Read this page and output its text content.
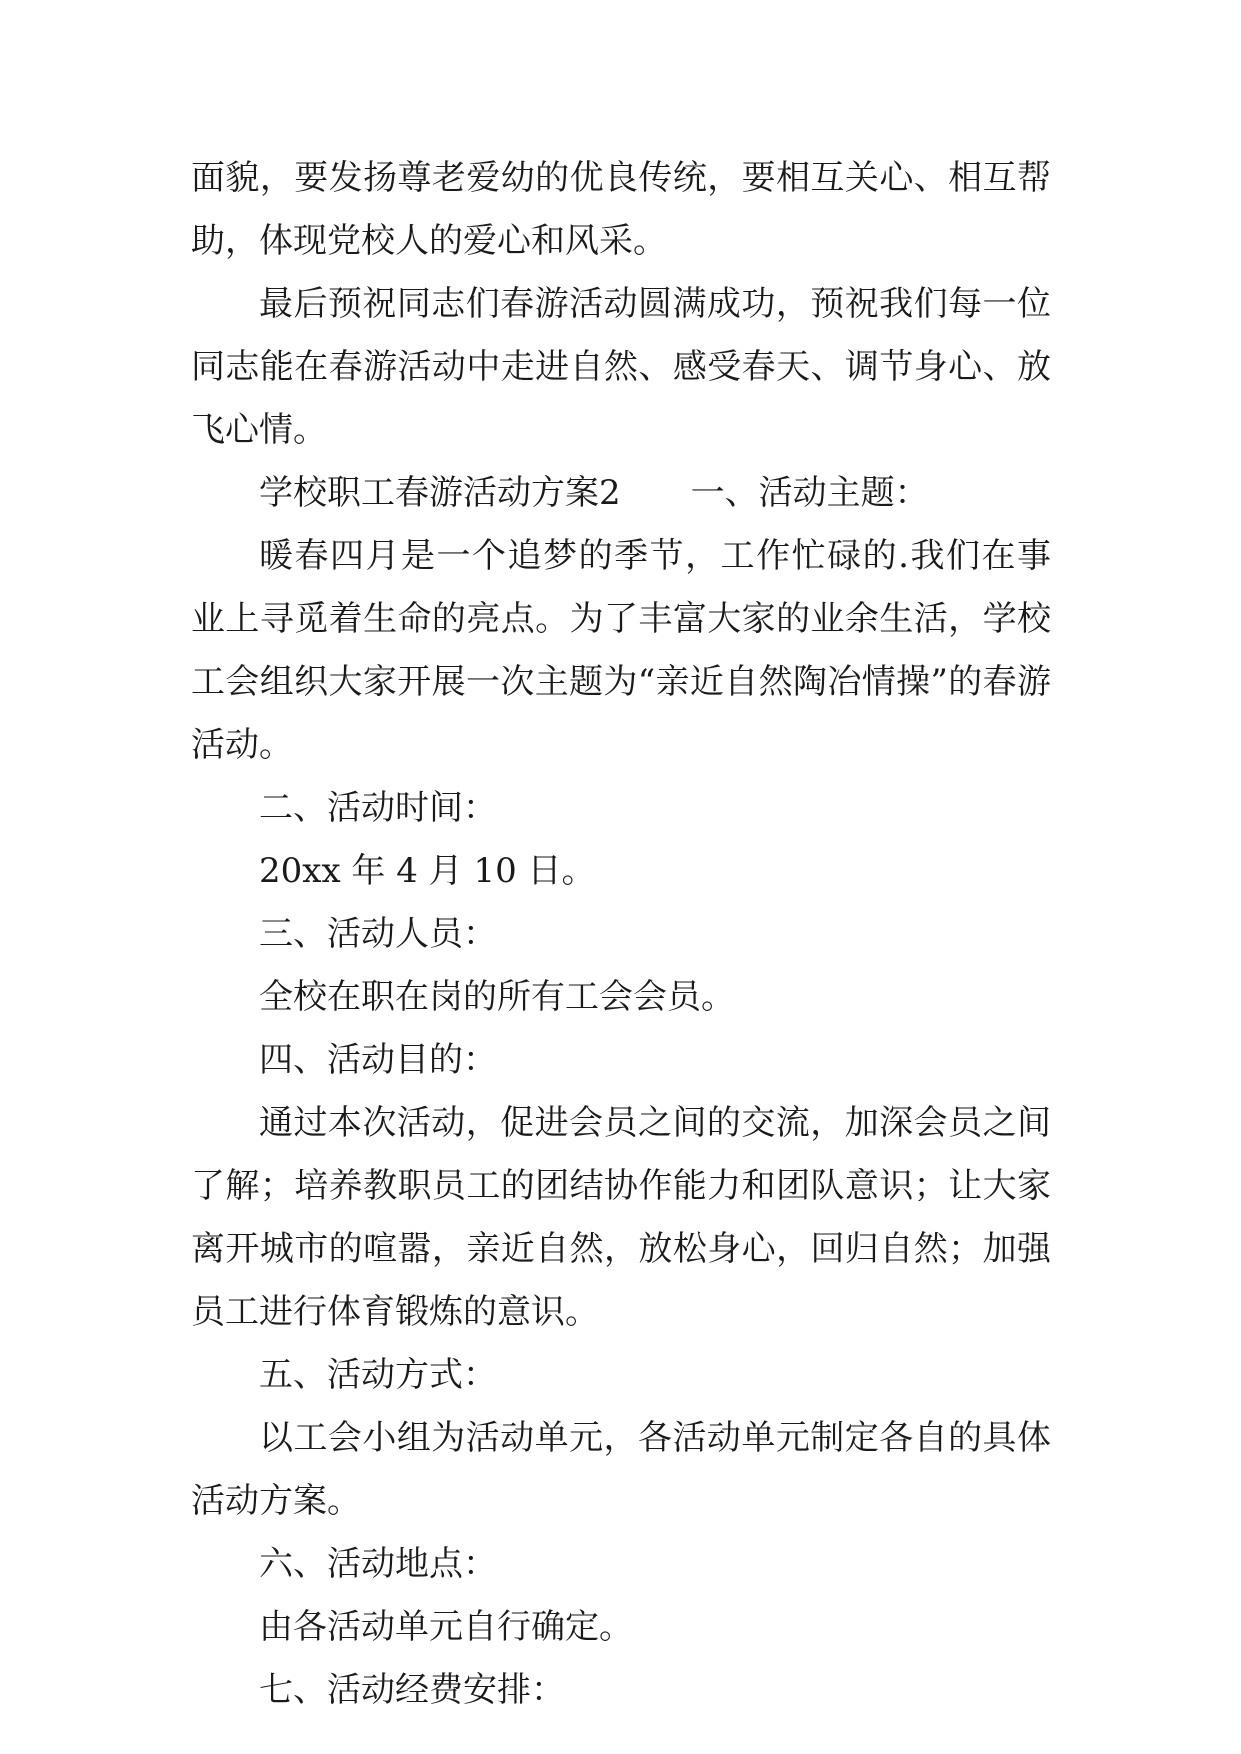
面貌，要发扬尊老爱幼的优良传统，要相互关心、相互帮助，体现党校人的爱心和风采。

最后预祝同志们春游活动圆满成功，预祝我们每一位同志能在春游活动中走进自然、感受春天、调节身心、放飞心情。

学校职工春游活动方案2 一、活动主题：

暖春四月是一个追梦的季节，工作忙碌的.我们在事业上寻觅着生命的亮点。为了丰富大家的业余生活，学校工会组织大家开展一次主题为“亲近自然陶冶情操”的春游活动。

二、活动时间：

20xx 年 4 月 10 日。

三、活动人员：

全校在职在岗的所有工会会员。

四、活动目的：

通过本次活动，促进会员之间的交流，加深会员之间了解；培养教职员工的团结协作能力和团队意识；让大家离开城市的喧嚣，亲近自然，放松身心，回归自然；加强员工进行体育锻炼的意识。

五、活动方式：

以工会小组为活动单元，各活动单元制定各自的具体活动方案。

六、活动地点：

由各活动单元自行确定。

七、活动经费安排：
